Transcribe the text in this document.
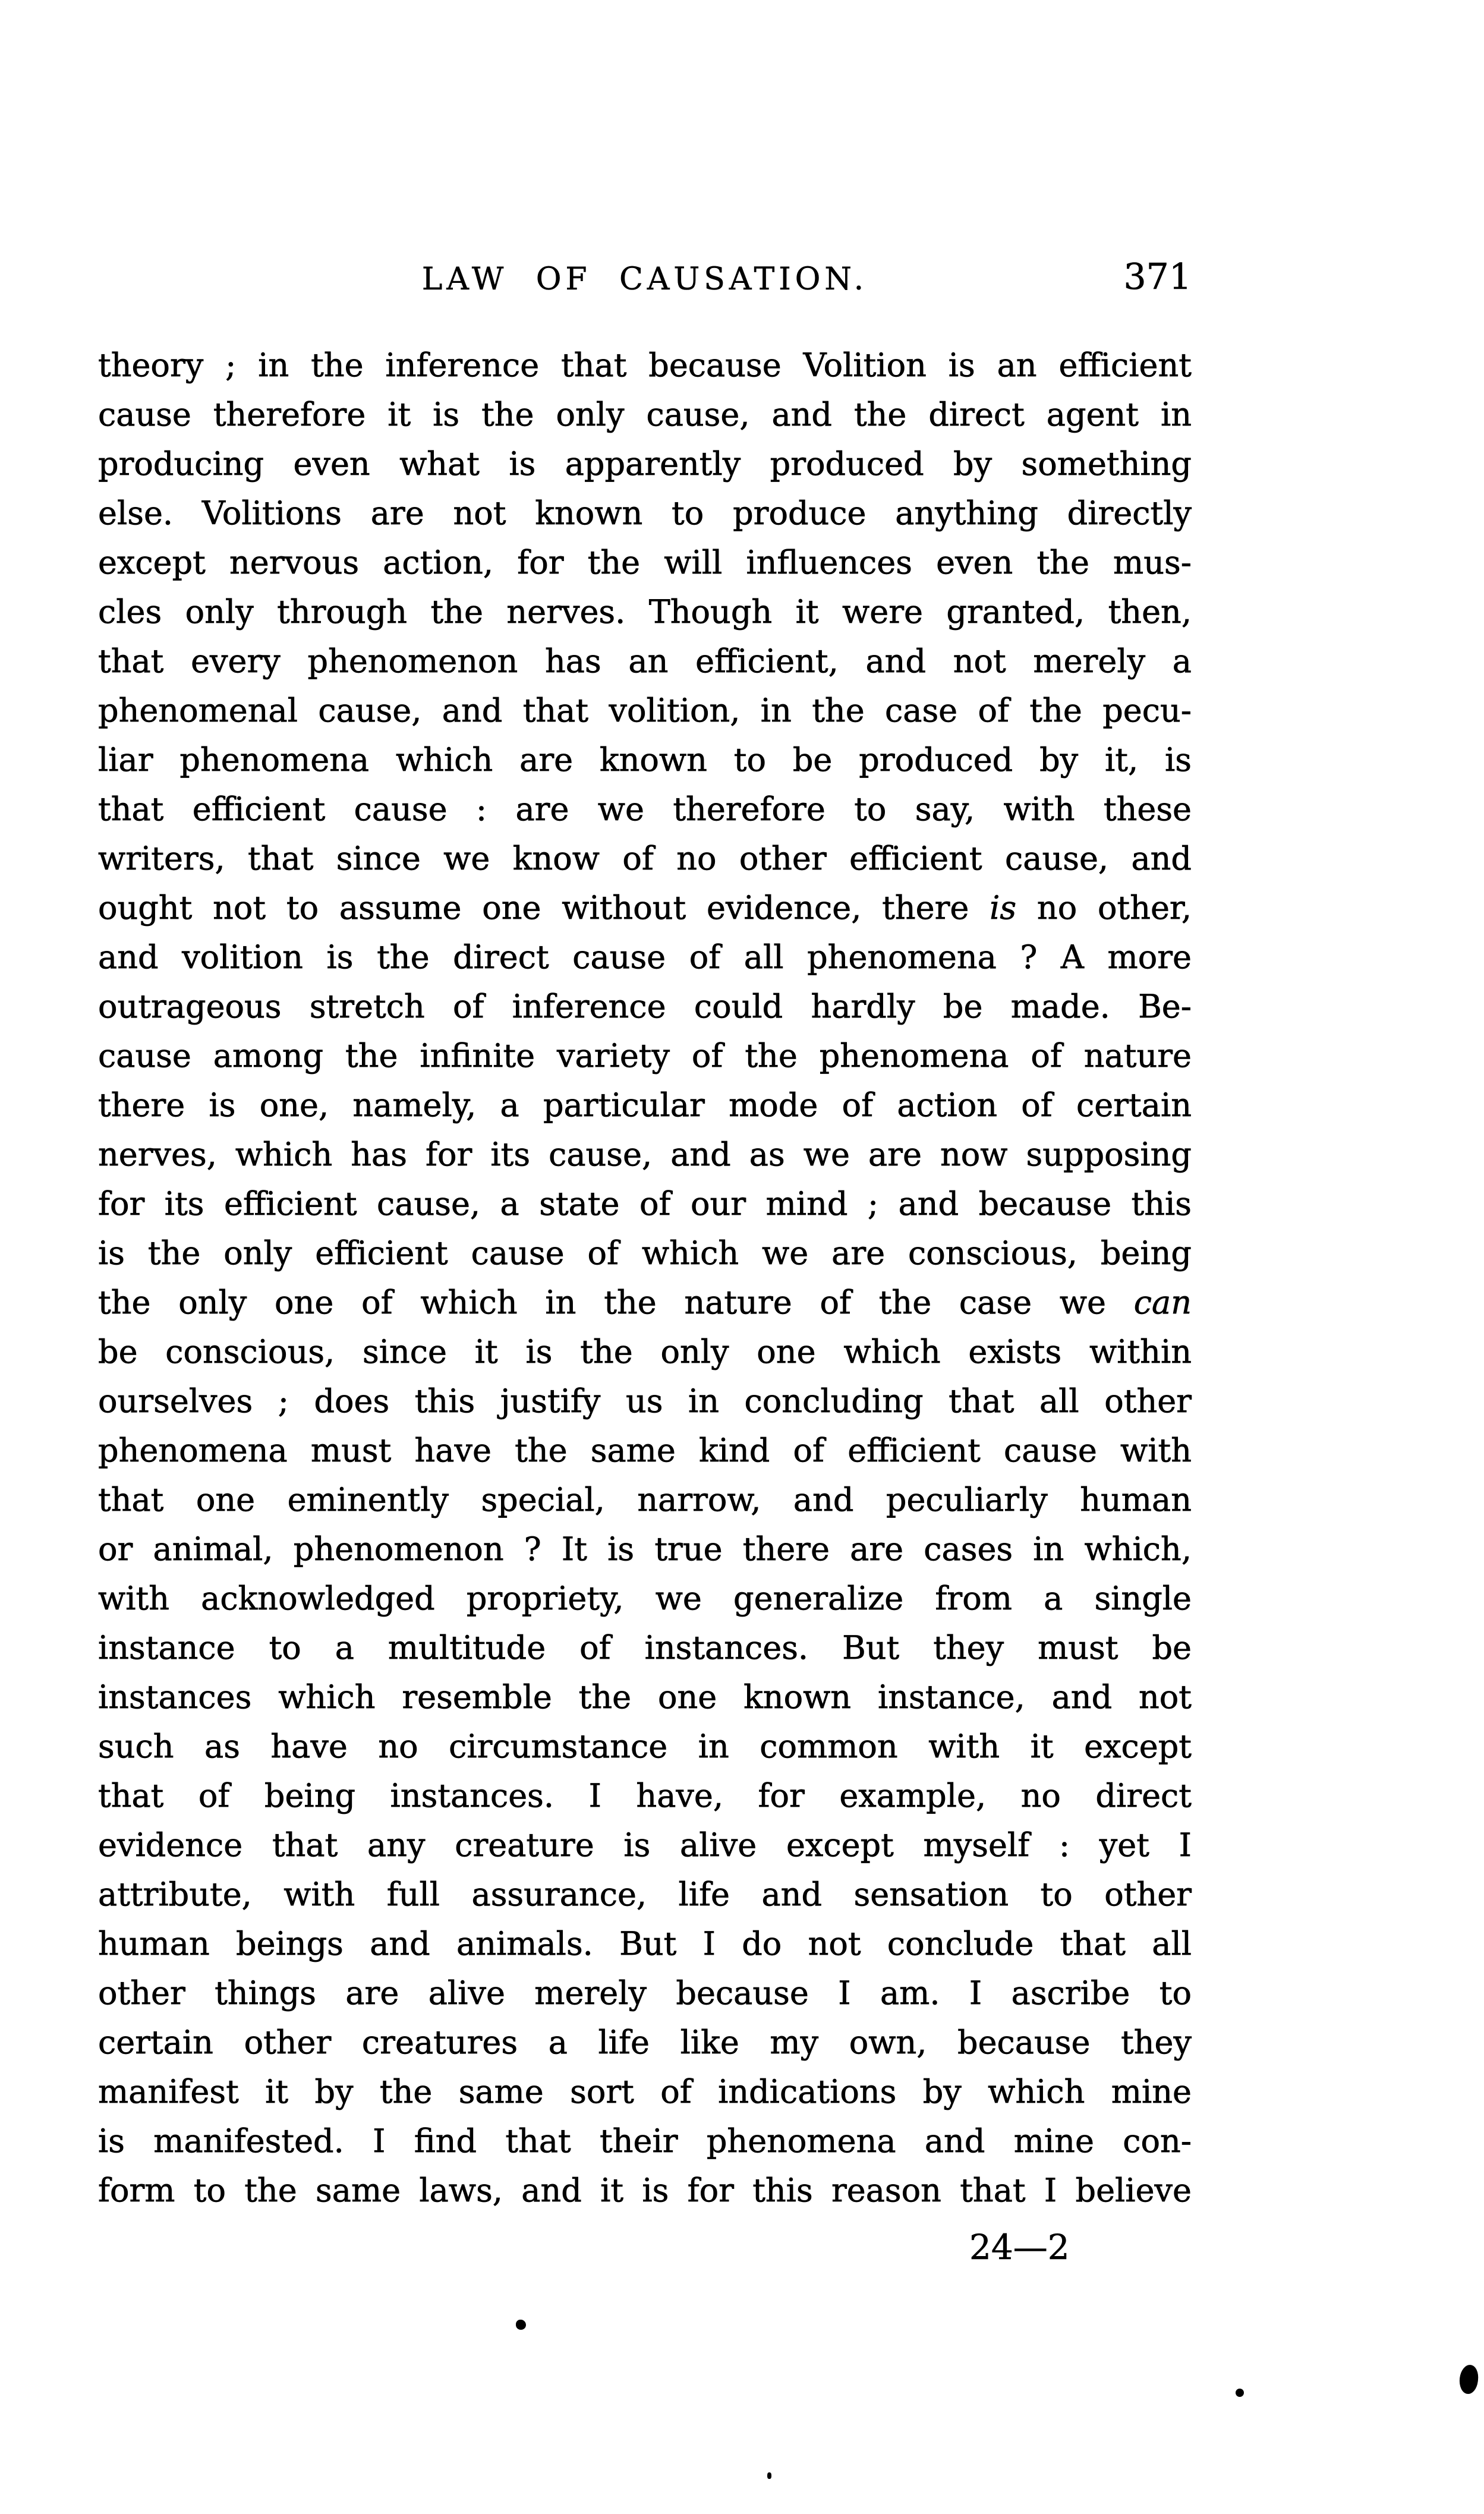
LAW OF CAUSATION.	371
theory ; in the inference that because Volition is an efficient
cause therefore it is the only cause, and the direct agent in
producing even what is apparently produced by something
else. Volitions are not known to produce anything directly
except nervous action, for the will influences even the mus-
cles only through the nerves. Though it were granted, then,
that every phenomenon has an efficient, and not merely a
phenomenal cause, and that volition, in the case of the pecu-
liar phenomena which are known to be produced by it, is
that efficient cause : are we therefore to say, with these
writers, that since we know of no other efficient cause, and
ought not to assume one without evidence, there is no other,
and volition is the direct cause of all phenomena ? A more
outrageous stretch of inference could hardly be made. Be-
cause among the infinite variety of the phenomena of nature
there is one, namely, a particular mode of action of certain
nerves, which has for its cause, and as we are now supposing
for its efficient cause, a state of our mind ; and because this
is the only efficient cause of which we are conscious, being
the only one of which in the nature of the case we can
be conscious, since it is the only one which exists within
ourselves ; does this justify us in concluding that all other
phenomena must have the same kind of efficient cause with
that one eminently special, narrow, and peculiarly human
or animal, phenomenon ? It is true there are cases in which,
with acknowledged propriety, we generalize from a single
instance to a multitude of instances. But they must be
instances which resemble the one known instance, and not
such as have no circumstance in common with it except
that of being instances. I have, for example, no direct
evidence that any creature is alive except myself : yet I
attribute, with full assurance, life and sensation to other
human beings and animals. But I do not conclude that all
other things are alive merely because I am. I ascribe to
certain other creatures a life like my own, because they
manifest it by the same sort of indications by which mine
is manifested. I find that their phenomena and mine con-
form to the same laws, and it is for this reason that I believe
24—2
